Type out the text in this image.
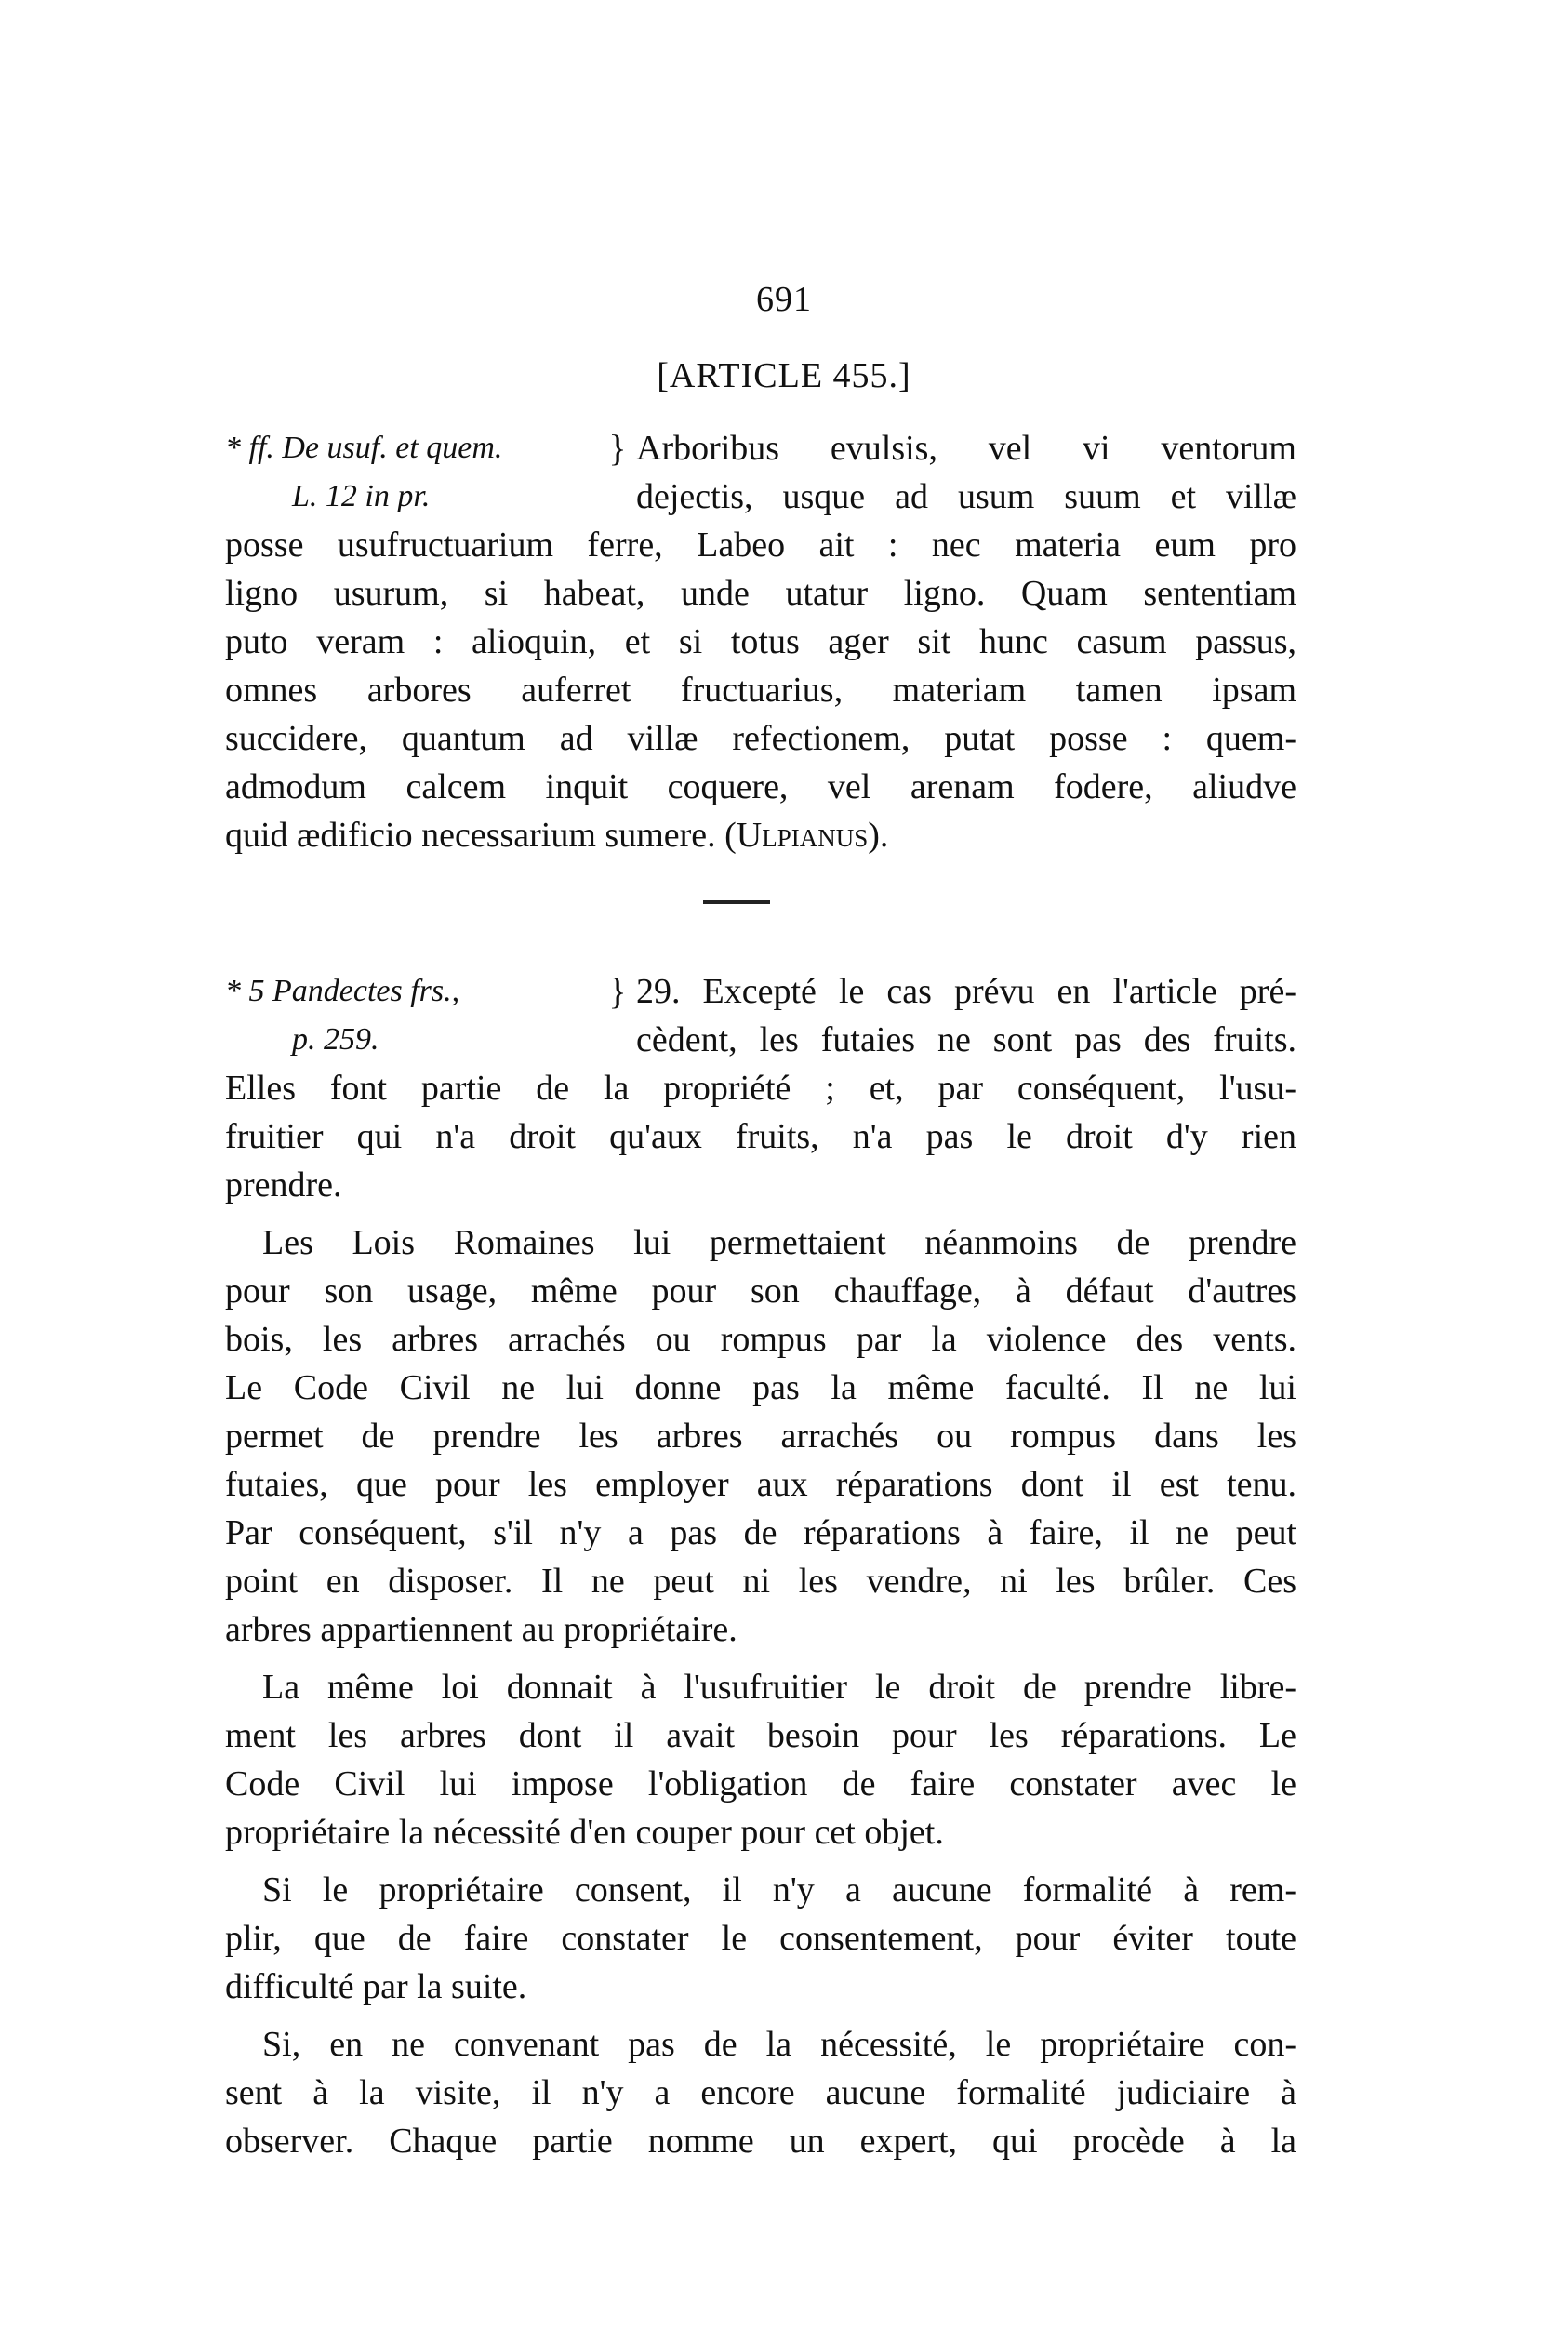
691
[ARTICLE 455.]
* ff. De usuf. et quem.
L. 12 in pr.
} Arboribus evulsis, vel vi ventorum
dejectis, usque ad usum suum et villæ
posse usufructuarium ferre, Labeo ait : nec materia eum pro
ligno usurum, si habeat, unde utatur ligno. Quam sententiam
puto veram : alioquin, et si totus ager sit hunc casum passus,
omnes arbores auferret fructuarius, materiam tamen ipsam
succidere, quantum ad villæ refectionem, putat posse : quem-
admodum calcem inquit coquere, vel arenam fodere, aliudve
quid ædificio necessarium sumere. (Ulpianus).
* 5 Pandectes frs.,
p. 259.
} 29. Excepté le cas prévu en l'article pré-
cèdent, les futaies ne sont pas des fruits.
Elles font partie de la propriété ; et, par conséquent, l'usu-
fruitier qui n'a droit qu'aux fruits, n'a pas le droit d'y rien
prendre.
Les Lois Romaines lui permettaient néanmoins de prendre
pour son usage, même pour son chauffage, à défaut d'autres
bois, les arbres arrachés ou rompus par la violence des vents.
Le Code Civil ne lui donne pas la même faculté. Il ne lui
permet de prendre les arbres arrachés ou rompus dans les
futaies, que pour les employer aux réparations dont il est tenu.
Par conséquent, s'il n'y a pas de réparations à faire, il ne peut
point en disposer. Il ne peut ni les vendre, ni les brûler. Ces
arbres appartiennent au propriétaire.
La même loi donnait à l'usufruitier le droit de prendre libre-
ment les arbres dont il avait besoin pour les réparations. Le
Code Civil lui impose l'obligation de faire constater avec le
propriétaire la nécessité d'en couper pour cet objet.
Si le propriétaire consent, il n'y a aucune formalité à rem-
plir, que de faire constater le consentement, pour éviter toute
difficulté par la suite.
Si, en ne convenant pas de la nécessité, le propriétaire con-
sent à la visite, il n'y a encore aucune formalité judiciaire à
observer. Chaque partie nomme un expert, qui procède à la
